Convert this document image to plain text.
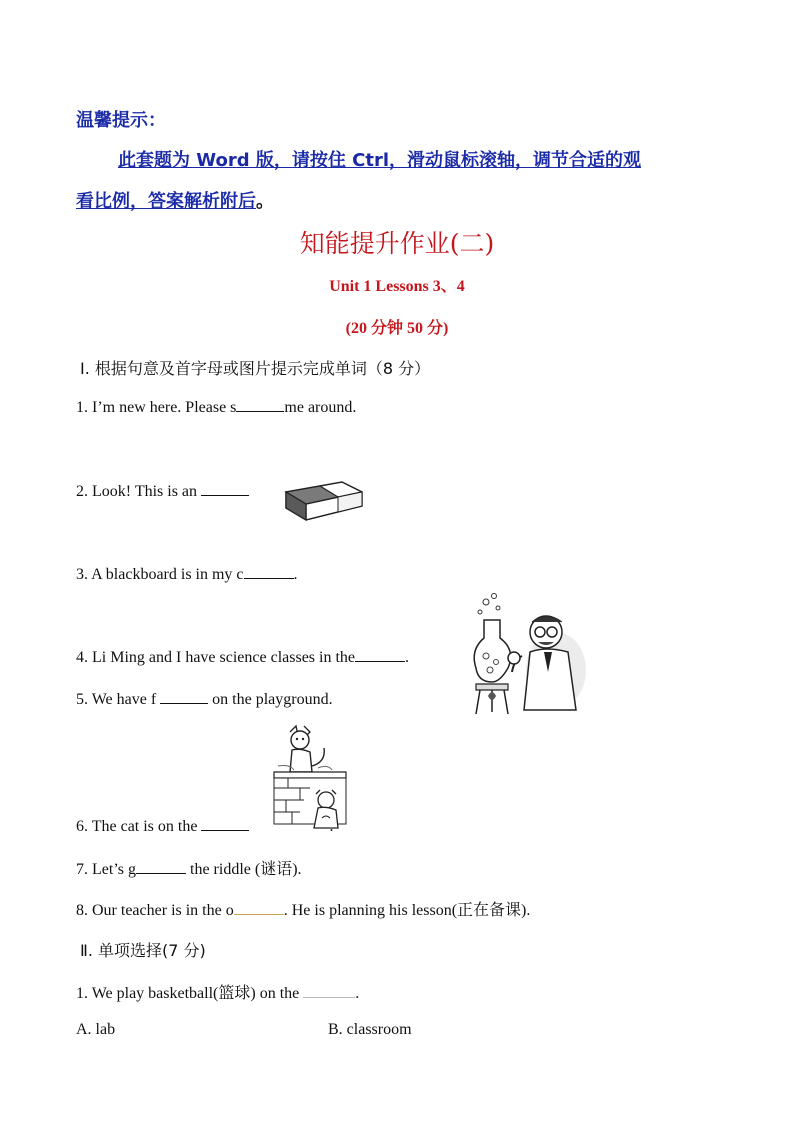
温馨提示：
此套题为 Word 版，请按住 Ctrl，滑动鼠标滚轴，调节合适的观
看比例，答案解析附后。
知能提升作业(二)
Unit 1 Lessons 3、4
(20 分钟 50 分)
Ⅰ. 根据句意及首字母或图片提示完成单词（8 分）
1. I’m new here. Please s	me around.
2. Look! This is an
3. A blackboard is in my c	.
4. Li Ming and I have science classes in the	.
5. We have f	on the playground.
6. The cat is on the	.
7. Let’s g	the riddle (谜语).
8. Our teacher is in the o	. He is planning his lesson(正在备课).
Ⅱ. 单项选择(7 分)
1. We play basketball(篮球) on the	.
A. lab	B. classroom
